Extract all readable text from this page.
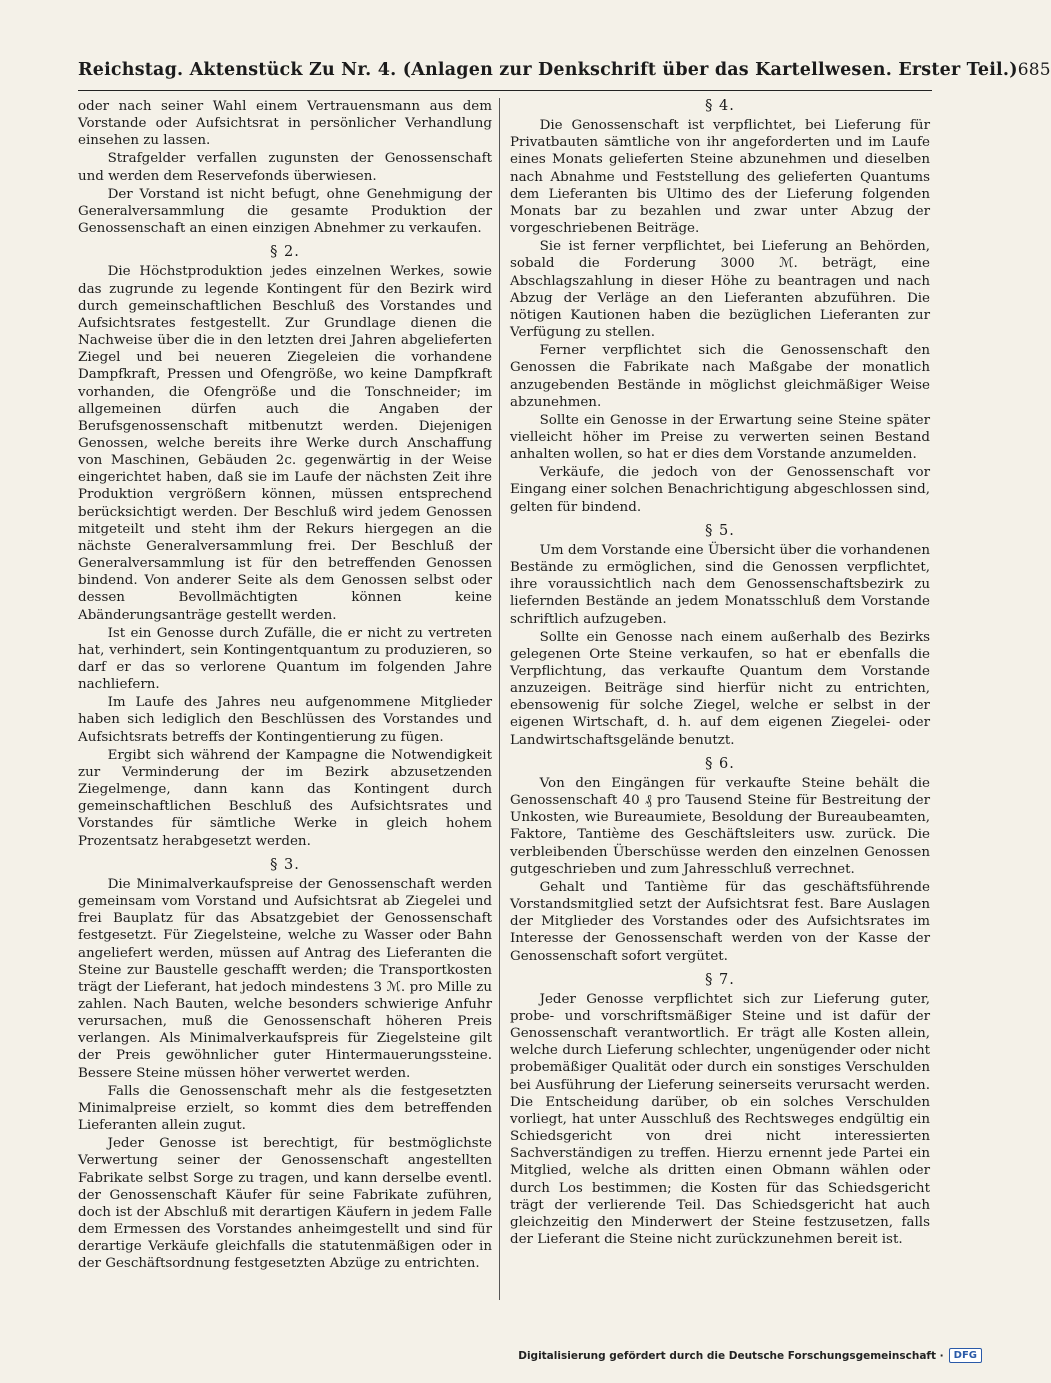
Reichstag. Aktenstück Zu Nr. 4. (Anlagen zur Denkschrift über das Kartellwesen. Erster Teil.) 685

oder nach seiner Wahl einem Vertrauensmann aus dem Vorstande oder Aufsichtsrat in persönlicher Verhandlung einsehen zu lassen.

Strafgelder verfallen zugunsten der Genossenschaft und werden dem Reservefonds überwiesen.

Der Vorstand ist nicht befugt, ohne Genehmigung der Generalversammlung die gesamte Produktion der Genossenschaft an einen einzigen Abnehmer zu verkaufen.

§ 2.

Die Höchstproduktion jedes einzelnen Werkes, sowie das zugrunde zu legende Kontingent für den Bezirk wird durch gemeinschaftlichen Beschluß des Vorstandes und Aufsichtsrates festgestellt. Zur Grundlage dienen die Nachweise über die in den letzten drei Jahren abgelieferten Ziegel und bei neueren Ziegeleien die vorhandene Dampfkraft, Pressen und Ofengröße, wo keine Dampfkraft vorhanden, die Ofengröße und die Tonschneider; im allgemeinen dürfen auch die Angaben der Berufsgenossenschaft mitbenutzt werden. Diejenigen Genossen, welche bereits ihre Werke durch Anschaffung von Maschinen, Gebäuden 2c. gegenwärtig in der Weise eingerichtet haben, daß sie im Laufe der nächsten Zeit ihre Produktion vergrößern können, müssen entsprechend berücksichtigt werden. Der Beschluß wird jedem Genossen mitgeteilt und steht ihm der Rekurs hiergegen an die nächste Generalversammlung frei. Der Beschluß der Generalversammlung ist für den betreffenden Genossen bindend. Von anderer Seite als dem Genossen selbst oder dessen Bevollmächtigten können keine Abänderungsanträge gestellt werden.

Ist ein Genosse durch Zufälle, die er nicht zu vertreten hat, verhindert, sein Kontingentquantum zu produzieren, so darf er das so verlorene Quantum im folgenden Jahre nachliefern.

Im Laufe des Jahres neu aufgenommene Mitglieder haben sich lediglich den Beschlüssen des Vorstandes und Aufsichtsrats betreffs der Kontingentierung zu fügen.

Ergibt sich während der Kampagne die Notwendigkeit zur Verminderung der im Bezirk abzusetzenden Ziegelmenge, dann kann das Kontingent durch gemeinschaftlichen Beschluß des Aufsichtsrates und Vorstandes für sämtliche Werke in gleich hohem Prozentsatz herabgesetzt werden.

§ 3.

Die Minimalverkaufspreise der Genossenschaft werden gemeinsam vom Vorstand und Aufsichtsrat ab Ziegelei und frei Bauplatz für das Absatzgebiet der Genossenschaft festgesetzt. Für Ziegelsteine, welche zu Wasser oder Bahn angeliefert werden, müssen auf Antrag des Lieferanten die Steine zur Baustelle geschafft werden; die Transportkosten trägt der Lieferant, hat jedoch mindestens 3 ℳ. pro Mille zu zahlen. Nach Bauten, welche besonders schwierige Anfuhr verursachen, muß die Genossenschaft höheren Preis verlangen. Als Minimalverkaufspreis für Ziegelsteine gilt der Preis gewöhnlicher guter Hintermauerungssteine. Bessere Steine müssen höher verwertet werden.

Falls die Genossenschaft mehr als die festgesetzten Minimalpreise erzielt, so kommt dies dem betreffenden Lieferanten allein zugut.

Jeder Genosse ist berechtigt, für bestmöglichste Verwertung seiner der Genossenschaft angestellten Fabrikate selbst Sorge zu tragen, und kann derselbe eventl. der Genossenschaft Käufer für seine Fabrikate zuführen, doch ist der Abschluß mit derartigen Käufern in jedem Falle dem Ermessen des Vorstandes anheimgestellt und sind für derartige Verkäufe gleichfalls die statutenmäßigen oder in der Geschäftsordnung festgesetzten Abzüge zu entrichten.

§ 4.

Die Genossenschaft ist verpflichtet, bei Lieferung für Privatbauten sämtliche von ihr angeforderten und im Laufe eines Monats gelieferten Steine abzunehmen und dieselben nach Abnahme und Feststellung des gelieferten Quantums dem Lieferanten bis Ultimo des der Lieferung folgenden Monats bar zu bezahlen und zwar unter Abzug der vorgeschriebenen Beiträge.

Sie ist ferner verpflichtet, bei Lieferung an Behörden, sobald die Forderung 3000 ℳ. beträgt, eine Abschlagszahlung in dieser Höhe zu beantragen und nach Abzug der Verläge an den Lieferanten abzuführen. Die nötigen Kautionen haben die bezüglichen Lieferanten zur Verfügung zu stellen.

Ferner verpflichtet sich die Genossenschaft den Genossen die Fabrikate nach Maßgabe der monatlich anzugebenden Bestände in möglichst gleichmäßiger Weise abzunehmen.

Sollte ein Genosse in der Erwartung seine Steine später vielleicht höher im Preise zu verwerten seinen Bestand anhalten wollen, so hat er dies dem Vorstande anzumelden.

Verkäufe, die jedoch von der Genossenschaft vor Eingang einer solchen Benachrichtigung abgeschlossen sind, gelten für bindend.

§ 5.

Um dem Vorstande eine Übersicht über die vorhandenen Bestände zu ermöglichen, sind die Genossen verpflichtet, ihre voraussichtlich nach dem Genossenschaftsbezirk zu liefernden Bestände an jedem Monatsschluß dem Vorstande schriftlich aufzugeben.

Sollte ein Genosse nach einem außerhalb des Bezirks gelegenen Orte Steine verkaufen, so hat er ebenfalls die Verpflichtung, das verkaufte Quantum dem Vorstande anzuzeigen. Beiträge sind hierfür nicht zu entrichten, ebensowenig für solche Ziegel, welche er selbst in der eigenen Wirtschaft, d. h. auf dem eigenen Ziegelei- oder Landwirtschaftsgelände benutzt.

§ 6.

Von den Eingängen für verkaufte Steine behält die Genossenschaft 40 ₰ pro Tausend Steine für Bestreitung der Unkosten, wie Bureaumiete, Besoldung der Bureaubeamten, Faktore, Tantième des Geschäftsleiters usw. zurück. Die verbleibenden Überschüsse werden den einzelnen Genossen gutgeschrieben und zum Jahresschluß verrechnet.

Gehalt und Tantième für das geschäftsführende Vorstandsmitglied setzt der Aufsichtsrat fest. Bare Auslagen der Mitglieder des Vorstandes oder des Aufsichtsrates im Interesse der Genossenschaft werden von der Kasse der Genossenschaft sofort vergütet.

§ 7.

Jeder Genosse verpflichtet sich zur Lieferung guter, probe- und vorschriftsmäßiger Steine und ist dafür der Genossenschaft verantwortlich. Er trägt alle Kosten allein, welche durch Lieferung schlechter, ungenügender oder nicht probemäßiger Qualität oder durch ein sonstiges Verschulden bei Ausführung der Lieferung seinerseits verursacht werden. Die Entscheidung darüber, ob ein solches Verschulden vorliegt, hat unter Ausschluß des Rechtsweges endgültig ein Schiedsgericht von drei nicht interessierten Sachverständigen zu treffen. Hierzu ernennt jede Partei ein Mitglied, welche als dritten einen Obmann wählen oder durch Los bestimmen; die Kosten für das Schiedsgericht trägt der verlierende Teil. Das Schiedsgericht hat auch gleichzeitig den Minderwert der Steine festzusetzen, falls der Lieferant die Steine nicht zurückzunehmen bereit ist.

Digitalisierung gefördert durch die Deutsche Forschungsgemeinschaft ·	DFG
